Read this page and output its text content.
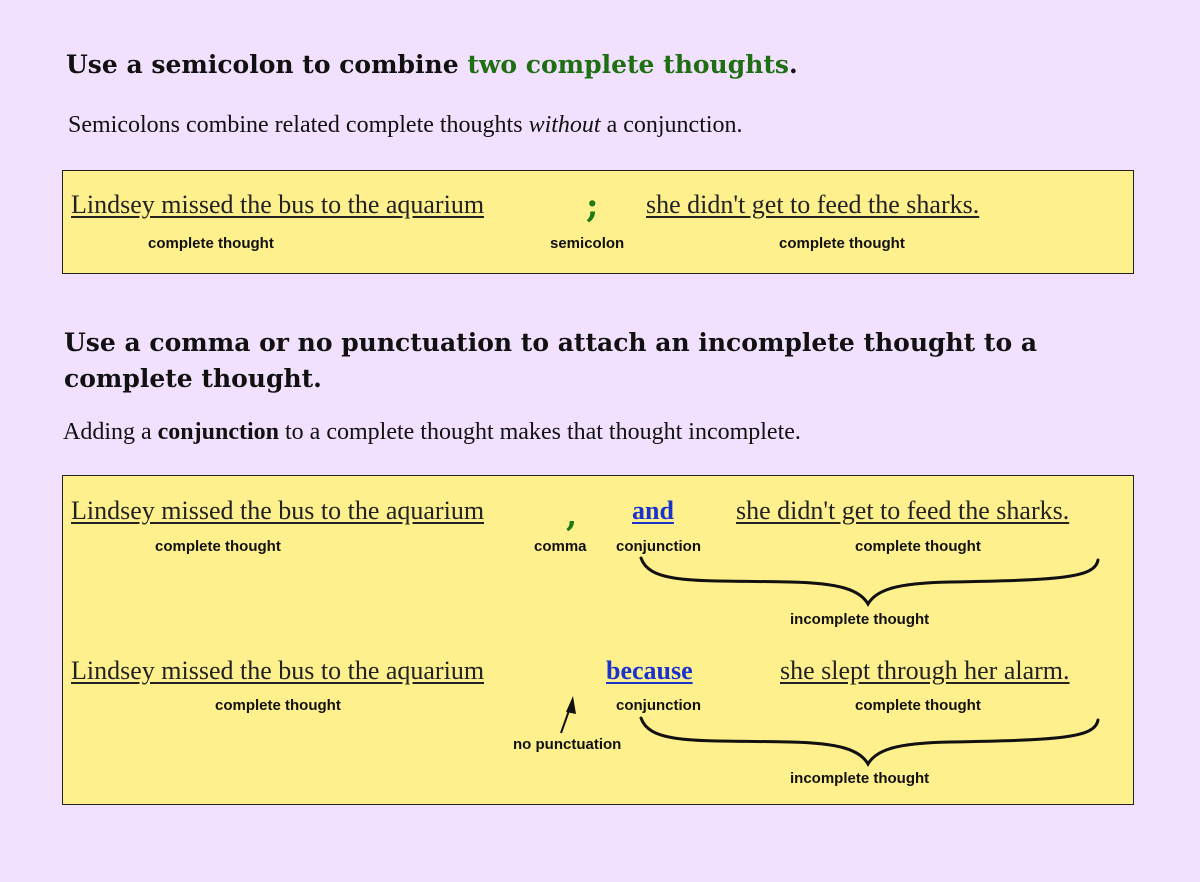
Use a semicolon to combine two complete thoughts.
Semicolons combine related complete thoughts without a conjunction.
Lindsey missed the bus to the aquarium	; she didn't get to feed the sharks.
complete thought	semicolon	complete thought
Use a comma or no punctuation to attach an incomplete thought to a
complete thought.
Adding a conjunction to a complete thought makes that thought incomplete.
Lindsey missed the bus to the aquarium	, and she didn't get to feed the sharks.
complete thought	comma conjunction	complete thought
incomplete thought
Lindsey missed the bus to the aquarium	because	she slept through her alarm.
complete thought	conjunction	complete thought
no punctuation
incomplete thought
